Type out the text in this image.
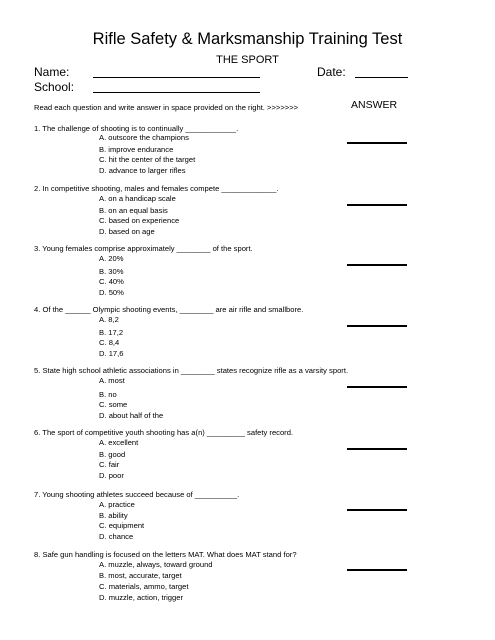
Rifle Safety & Marksmanship Training Test
THE SPORT
Name:	Date:
School:
Read each question and write answer in space provided on the right. >>>>>>>	ANSWER
1. The challenge of shooting is to continually ____________.
A. outscore the champions
B. improve endurance
C. hit the center of the target
D. advance to larger rifles
2. In competitive shooting, males and females compete _____________.
A. on a handicap scale
B. on an equal basis
C. based on experience
D. based on age
3. Young females comprise approximately ________ of the sport.
A. 20%
B. 30%
C. 40%
D. 50%
4. Of the ______ Olympic shooting events, ________ are air rifle and smallbore.
A. 8,2
B. 17,2
C. 8,4
D. 17,6
5. State high school athletic associations in ________ states recognize rifle as a varsity sport.
A. most
B. no
C. some
D. about half of the
6. The sport of competitive youth shooting has a(n) _________ safety record.
A. excellent
B. good
C. fair
D. poor
7. Young shooting athletes succeed because of __________.
A. practice
B. ability
C. equipment
D. chance
8. Safe gun handling is focused on the letters MAT. What does MAT stand for?
A. muzzle, always, toward ground
B. most, accurate, target
C. materials, ammo, target
D. muzzle, action, trigger
